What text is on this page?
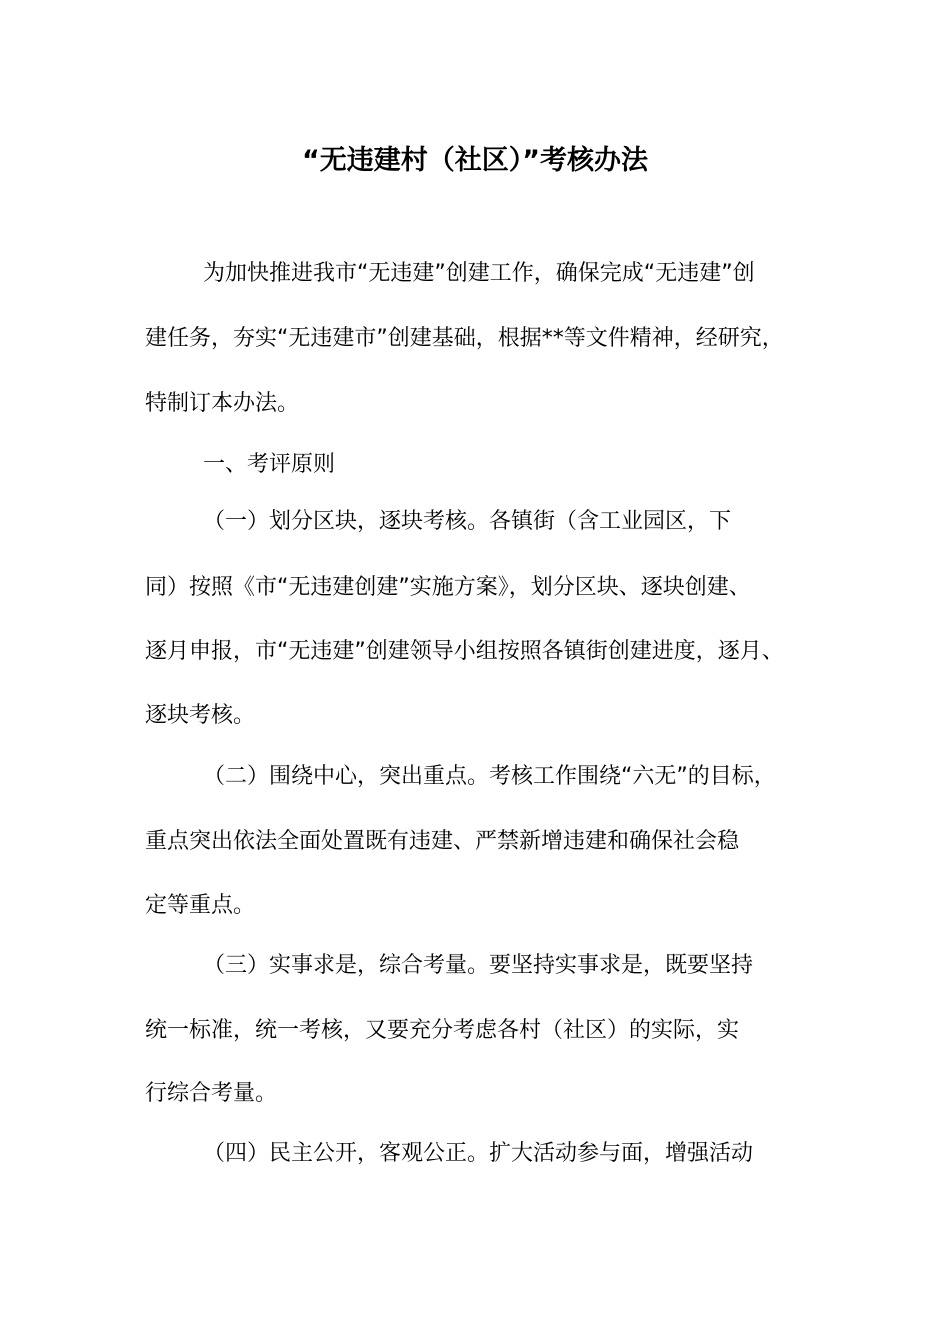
“无违建村（社区）”考核办法
为加快推进我市“无违建”创建工作，确保完成“无违建”创
建任务，夯实“无违建市”创建基础，根据**等文件精神，经研究，
特制订本办法。
一、考评原则
（一）划分区块，逐块考核。各镇街（含工业园区，下
同）按照《市“无违建创建”实施方案》，划分区块、逐块创建、
逐月申报，市“无违建”创建领导小组按照各镇街创建进度，逐月、
逐块考核。
（二）围绕中心，突出重点。考核工作围绕“六无”的目标，
重点突出依法全面处置既有违建、严禁新增违建和确保社会稳
定等重点。
（三）实事求是，综合考量。要坚持实事求是，既要坚持
统一标准，统一考核，又要充分考虑各村（社区）的实际，实
行综合考量。
（四）民主公开，客观公正。扩大活动参与面，增强活动
